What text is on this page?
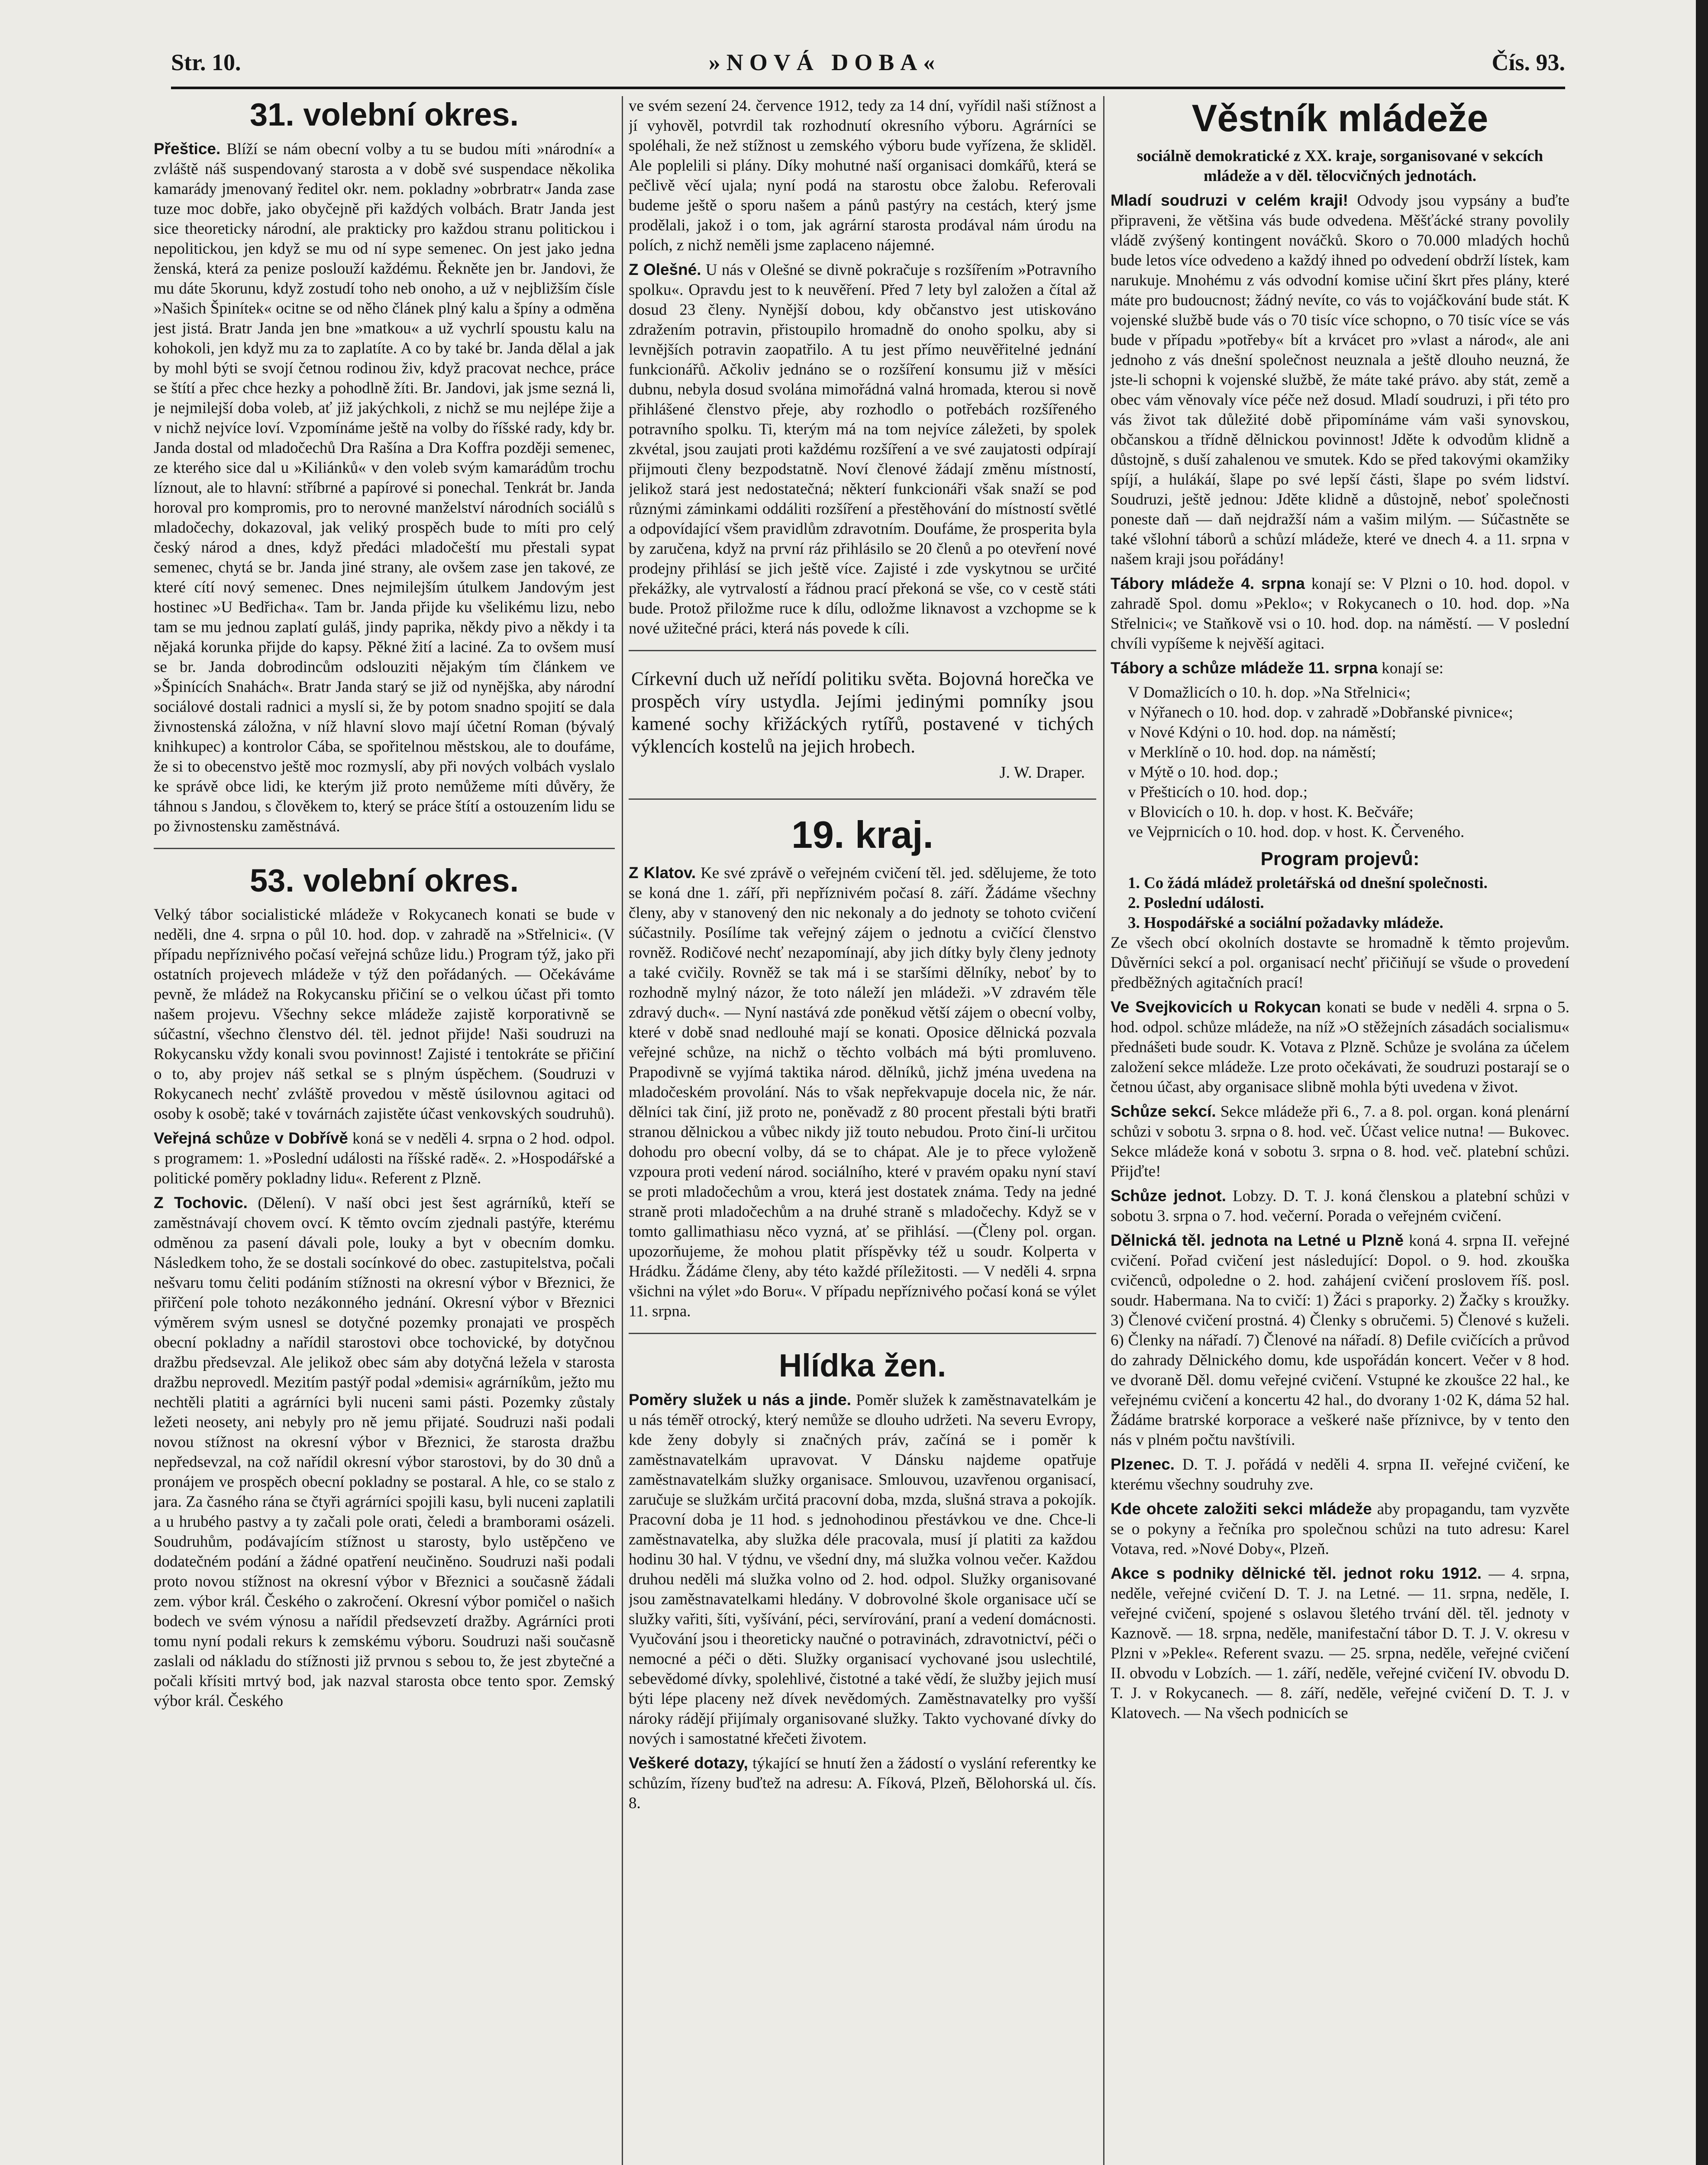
Str. 10.	»NOVÁ DOBA«	Čís. 93.
31. volební okres.

Přeštice. Blíží se nám obecní volby a tu se budou míti »národní« a zvláště náš suspendovaný starosta a v době své suspendace několika kamarády jmenovaný ředitel okr. nem. pokladny »obrbratr« Janda zase tuze moc dobře, jako obyčejně při každých volbách. Bratr Janda jest sice theoreticky národní, ale prakticky pro každou stranu politickou i nepolitickou, jen když se mu od ní sype semenec. On jest jako jedna ženská, která za penize poslouží každému. Řekněte jen br. Jandovi, že mu dáte 5korunu, když zostudí toho neb onoho, a už v nejbližším čísle »Našich Špinítek« ocitne se od něho článek plný kalu a špíny a odměna jest jistá. Bratr Janda jen bne »matkou« a už vychrlí spoustu kalu na kohokoli, jen když mu za to zaplatíte. A co by také br. Janda dělal a jak by mohl býti se svojí četnou rodinou živ, když pracovat nechce, práce se štítí a přec chce hezky a pohodlně žíti. Br. Jandovi, jak jsme sezná li, je nejmilejší doba voleb, ať již jakýchkoli, z nichž se mu nejlépe žije a v nichž nejvíce loví. Vzpomínáme ještě na volby do říšské rady, kdy br. Janda dostal od mladočechů Dra Rašína a Dra Koffra později semenec, ze kterého sice dal u »Kiliánků« v den voleb svým kamarádům trochu líznout, ale to hlavní: stříbrné a papírové si ponechal. Tenkrát br. Janda horoval pro kompromis, pro to nerovné manželství národních sociálů s mladočechy, dokazoval, jak veliký prospěch bude to míti pro celý český národ a dnes, když předáci mladočeští mu přestali sypat semenec, chytá se br. Janda jiné strany, ale ovšem zase jen takové, ze které cítí nový semenec. Dnes nejmilejším útulkem Jandovým jest hostinec »U Bedřicha«. Tam br. Janda přijde ku všelikému lizu, nebo tam se mu jednou zaplatí guláš, jindy paprika, někdy pivo a někdy i ta nějaká korunka přijde do kapsy. Pěkné žití a laciné. Za to ovšem musí se br. Janda dobrodincům odslouziti nějakým tím článkem ve »Špinících Snahách«. Bratr Janda starý se již od nynějška, aby národní sociálové dostali radnici a myslí si, že by potom snadno spojití se dala živnostenská záložna, v níž hlavní slovo mají účetní Roman (bývalý knihkupec) a kontrolor Cába, se spořitelnou městskou, ale to doufáme, že si to obecenstvo ještě moc rozmyslí, aby při nových volbách vyslalo ke správě obce lidi, ke kterým již proto nemůžeme míti důvěry, že táhnou s Jandou, s člověkem to, který se práce štítí a ostouzením lidu se po živnostensku zaměstnává.

53. volební okres.

Velký tábor socialistické mládeže v Rokycanech konati se bude v neděli, dne 4. srpna o půl 10. hod. dop. v zahradě na »Střelnici«. (V případu nepříznivého počasí veřejná schůze lidu.) Program týž, jako při ostatních projevech mládeže v týž den pořádaných. — Očekáváme pevně, že mládež na Rokycansku přičiní se o velkou účast při tomto našem projevu. Všechny sekce mládeže zajistě korporativně se súčastní, všechno členstvo dél. tël. jednot přijde! Naši soudruzi na Rokycansku vždy konali svou povinnost! Zajisté i tentokráte se přičiní o to, aby projev náš setkal se s plným úspěchem. (Soudruzi v Rokycanech nechť zvláště provedou v městě úsilovnou agitaci od osoby k osobě; také v továrnách zajistěte účast venkovských soudruhů).

Veřejná schůze v Dobřívě koná se v neděli 4. srpna o 2 hod. odpol. s programem: 1. »Poslední události na říšské radě«. 2. »Hospodářské a politické poměry pokladny lidu«. Referent z Plzně.

Z Tochovic. (Dělení). V naší obci jest šest agrárníků, kteří se zaměstnávají chovem ovcí. K těmto ovcím zjednali pastýře, kterému odměnou za pasení dávali pole, louky a byt v obecním domku. Následkem toho, že se dostali socínkové do obec. zastupitelstva, počali nešvaru tomu čeliti podáním stížnosti na okresní výbor v Březnici, že přiřčení pole tohoto nezákonného jednání. Okresní výbor v Březnici výměrem svým usnesl se dotyčné pozemky pronajati ve prospěch obecní pokladny a nařídil starostovi obce tochovické, by dotyčnou dražbu předsevzal. Ale jelikož obec sám aby dotyčná ležela v starosta dražbu neprovedl. Mezitím pastýř podal »demisi« agrárníkům, ježto mu nechtěli platiti a agrárníci byli nuceni sami pásti. Pozemky zůstaly ležeti neosety, ani nebyly pro ně jemu přijaté. Soudruzi naši podali novou stížnost na okresní výbor v Březnici, že starosta dražbu nepředsevzal, na což nařídil okresní výbor starostovi, by do 30 dnů a pronájem ve prospěch obecní pokladny se postaral. A hle, co se stalo z jara. Za časného rána se čtyři agrárníci spojili kasu, byli nuceni zaplatili a u hrubého pastvy a ty začali pole orati, čeledi a bramborami osázeli. Soudruhům, podávajícím stížnost u starosty, bylo ustěpčeno ve dodatečném podání a žádné opatření neučiněno. Soudruzi naši podali proto novou stížnost na okresní výbor v Březnici a současně žádali zem. výbor král. Českého o zakročení. Okresní výbor pomičel o našich bodech ve svém výnosu a nařídil předsevzetí dražby. Agrárníci proti tomu nyní podali rekurs k zemskému výboru. Soudruzi naši současně zaslali od nákladu do stížnosti již prvnou s sebou to, že jest zbytečné a počali křísiti mrtvý bod, jak nazval starosta obce tento spor. Zemský výbor král. Českého

ve svém sezení 24. července 1912, tedy za 14 dní, vyřídil naši stížnost a jí vyhověl, potvrdil tak rozhodnutí okresního výboru. Agrárníci se spoléhali, že než stížnost u zemského výboru bude vyřízena, že skliděl. Ale poplelili si plány. Díky mohutné naší organisaci domkářů, která se pečlivě věcí ujala; nyní podá na starostu obce žalobu. Referovali budeme ještě o sporu našem a pánů pastýry na cestách, který jsme prodělali, jakož i o tom, jak agrární starosta prodával nám úrodu na polích, z nichž neměli jsme zaplaceno nájemné.

Z Olešné. U nás v Olešné se divně pokračuje s rozšířením »Potravního spolku«. Opravdu jest to k neuvěření. Před 7 lety byl založen a čítal až dosud 23 členy. Nynější dobou, kdy občanstvo jest utiskováno zdražením potravin, přistoupilo hromadně do onoho spolku, aby si levnějších potravin zaopatřilo. A tu jest přímo neuvěřitelné jednání funkcionářů. Ačkoliv jednáno se o rozšíření konsumu již v měsíci dubnu, nebyla dosud svolána mimořádná valná hromada, kterou si nově přihlášené členstvo přeje, aby rozhodlo o potřebách rozšířeného potravního spolku. Ti, kterým má na tom nejvíce záležeti, by spolek zkvétal, jsou zaujati proti každému rozšíření a ve své zaujatosti odpírají přijmouti členy bezpodstatně. Noví členové žádají změnu místností, jelikož stará jest nedostatečná; některí funkcionáři však snaží se pod různými záminkami oddáliti rozšíření a přestěhování do místností světlé a odpovídající všem pravidlům zdravotním. Doufáme, že prosperita byla by zaručena, když na první ráz přihlásilo se 20 členů a po otevření nové prodejny přihlásí se jich ještě více. Zajisté i zde vyskytnou se určité překážky, ale vytrvalostí a řádnou prací překoná se vše, co v cestě státi bude. Protož přiložme ruce k dílu, odložme liknavost a vzchopme se k nové užitečné práci, která nás povede k cíli.

Církevní duch už neřídí politiku světa. Bojovná horečka ve prospěch víry ustydla. Jejími jedinými pomníky jsou kamené sochy křižáckých rytířů, postavené v tichých výklencích kostelů na jejich hrobech.
J. W. Draper.
19. kraj.

Z Klatov. Ke své zprávě o veřejném cvičení těl. jed. sdělujeme, že toto se koná dne 1. září, při nepříznivém počasí 8. září. Žádáme všechny členy, aby v stanovený den nic nekonaly a do jednoty se tohoto cvičení súčastnily. Posílíme tak veřejný zájem o jednotu a cvičící členstvo rovněž. Rodičové nechť nezapomínají, aby jich dítky byly členy jednoty a také cvičily. Rovněž se tak má i se staršími dělníky, neboť by to rozhodně mylný názor, že toto náleží jen mládeži. »V zdravém těle zdravý duch«. — Nyní nastává zde poněkud větší zájem o obecní volby, které v době snad nedlouhé mají se konati. Oposice dělnická pozvala veřejné schůze, na nichž o těchto volbách má býti promluveno. Prapodivně se vyjímá taktika národ. dělníků, jichž jména uvedena na mladočeském provolání. Nás to však nepřekvapuje docela nic, že nár. dělníci tak činí, již proto ne, poněvadž z 80 procent přestali býti bratři stranou dělnickou a vůbec nikdy již touto nebudou. Proto činí-li určitou dohodu pro obecní volby, dá se to chápat. Ale je to přece vyloženě vzpoura proti vedení národ. sociálního, které v pravém opaku nyní staví se proti mladočechům a vrou, která jest dostatek známa. Tedy na jedné straně proti mladočechům a na druhé straně s mladočechy. Když se v tomto gallimathiasu něco vyzná, ať se přihlásí. —(Členy pol. organ. upozorňujeme, že mohou platit příspěvky též u soudr. Kolperta v Hrádku. Žádáme členy, aby této každé příležitosti. — V neděli 4. srpna všichni na výlet »do Boru«. V případu nepříznivého počasí koná se výlet 11. srpna.

Hlídka žen.

Poměry služek u nás a jinde. Poměr služek k zaměstnavatelkám je u nás téměř otrocký, který nemůže se dlouho udržeti. Na severu Evropy, kde ženy dobyly si značných práv, začíná se i poměr k zaměstnavatelkám upravovat. V Dánsku najdeme opatřuje zaměstnavatelkám služky organisace. Smlouvou, uzavřenou organisací, zaručuje se služkám určitá pracovní doba, mzda, slušná strava a pokojík. Pracovní doba je 11 hod. s jednohodinou přestávkou ve dne. Chce-li zaměstnavatelka, aby služka déle pracovala, musí jí platiti za každou hodinu 30 hal. V týdnu, ve všední dny, má služka volnou večer. Každou druhou neděli má služka volno od 2. hod. odpol. Služky organisované jsou zaměstnavatelkami hledány. V dobrovolné škole organisace učí se služky vařiti, šíti, vyšívání, péci, servírování, praní a vedení domácnosti. Vyučování jsou i theoreticky naučné o potravinách, zdravotnictví, péči o nemocné a péči o děti. Služky organisací vychované jsou uslechtilé, sebevědomé dívky, spolehlivé, čistotné a také vědí, že služby jejich musí býti lépe placeny než dívek nevědomých. Zaměstnavatelky pro vyšší nároky rádějí přijímaly organisované služky. Takto vychované dívky do nových i samostatné křečeti životem.

Veškeré dotazy, týkající se hnutí žen a žádostí o vyslání referentky ke schůzím, řízeny buďtež na adresu: A. Fíková, Plzeň, Bělohorská ul. čís. 8.

Věstník mládeže

sociálně demokratické z XX. kraje, sorganisované v sekcích mládeže a v děl. tělocvičných jednotách.

Mladí soudruzi v celém kraji! Odvody jsou vypsány a buďte připraveni, že většina vás bude odvedena. Měšťácké strany povolily vládě zvýšený kontingent nováčků. Skoro o 70.000 mladých hochů bude letos více odvedeno a každý ihned po odvedení obdrží lístek, kam narukuje. Mnohému z vás odvodní komise učiní škrt přes plány, které máte pro budoucnost; žádný nevíte, co vás to vojáčkování bude stát. K vojenské službě bude vás o 70 tisíc více schopno, o 70 tisíc více se vás bude v případu »potřeby« bít a krvácet pro »vlast a národ«, ale ani jednoho z vás dnešní společnost neuznala a ještě dlouho neuzná, že jste-li schopni k vojenské službě, že máte také právo. aby stát, země a obec vám věnovaly více péče než dosud. Mladí soudruzi, i při této pro vás život tak důležité době připomínáme vám vaši synovskou, občanskou a třídně dělnickou povinnost! Jděte k odvodům klidně a důstojně, s duší zahalenou ve smutek. Kdo se před takovými okamžiky spíjí, a hulákáí, šlape po své lepší části, šlape po svém lidství. Soudruzi, ještě jednou: Jděte klidně a důstojně, neboť společnosti poneste daň — daň nejdražší nám a vašim milým. — Súčastněte se také všlohní táborů a schůzí mládeže, které ve dnech 4. a 11. srpna v našem kraji jsou pořádány!

Tábory mládeže 4. srpna konají se: V Plzni o 10. hod. dopol. v zahradě Spol. domu »Peklo«; v Rokycanech o 10. hod. dop. »Na Střelnici«; ve Staňkově vsi o 10. hod. dop. na náměstí. — V poslední chvíli vypíšeme k nejvěší agitaci.

Tábory a schůze mládeže 11. srpna konají se:

V Domažlicích o 10. h. dop. »Na Střelnici«;
v Nýřanech o 10. hod. dop. v zahradě »Dobřanské pivnice«;
v Nové Kdýni o 10. hod. dop. na náměstí;
v Merklíně o 10. hod. dop. na náměstí;
v Mýtě o 10. hod. dop.;
v Přešticích o 10. hod. dop.;
v Blovicích o 10. h. dop. v host. K. Bečváře;
ve Vejprnicích o 10. hod. dop. v host. K. Červeného.
Program projevů:
1. Co žádá mládež proletářská od dnešní společnosti.
2. Poslední události.
3. Hospodářské a sociální požadavky mládeže.

Ze všech obcí okolních dostavte se hromadně k těmto projevům. Důvěrníci sekcí a pol. organisací nechť přičiňují se všude o provedení předběžných agitačních prací!

Ve Svejkovicích u Rokycan konati se bude v neděli 4. srpna o 5. hod. odpol. schůze mládeže, na níž »O stěžejních zásadách socialismu« přednášeti bude soudr. K. Votava z Plzně. Schůze je svolána za účelem založení sekce mládeže. Lze proto očekávati, že soudruzi postarají se o četnou účast, aby organisace slibně mohla býti uvedena v život.

Schůze sekcí. Sekce mládeže při 6., 7. a 8. pol. organ. koná plenární schůzi v sobotu 3. srpna o 8. hod. več. Účast velice nutna! — Bukovec. Sekce mládeže koná v sobotu 3. srpna o 8. hod. več. platební schůzi. Přijďte!

Schůze jednot. Lobzy. D. T. J. koná členskou a platební schůzi v sobotu 3. srpna o 7. hod. večerní. Porada o veřejném cvičení.

Dělnická těl. jednota na Letné u Plzně koná 4. srpna II. veřejné cvičení. Pořad cvičení jest následující: Dopol. o 9. hod. zkouška cvičenců, odpoledne o 2. hod. zahájení cvičení proslovem říš. posl. soudr. Habermana. Na to cvičí: 1) Žáci s praporky. 2) Žačky s kroužky. 3) Členové cvičení prostná. 4) Členky s obručemi. 5) Členové s kuželi. 6) Členky na nářadí. 7) Členové na nářadí. 8) Defile cvičících a průvod do zahrady Dělnického domu, kde uspořádán koncert. Večer v 8 hod. ve dvoraně Děl. domu veřejné cvičení. Vstupné ke zkoušce 22 hal., ke veřejnému cvičení a koncertu 42 hal., do dvorany 1·02 K, dáma 52 hal. Žádáme bratrské korporace a veškeré naše příznivce, by v tento den nás v plném počtu navštívili.

Plzenec. D. T. J. pořádá v neděli 4. srpna II. veřejné cvičení, ke kterému všechny soudruhy zve.

Kde ohcete založiti sekci mládeže aby propagandu, tam vyzvěte se o pokyny a řečníka pro společnou schůzi na tuto adresu: Karel Votava, red. »Nové Doby«, Plzeň.

Akce s podniky dělnické těl. jednot roku 1912. — 4. srpna, neděle, veřejné cvičení D. T. J. na Letné. — 11. srpna, neděle, I. veřejné cvičení, spojené s oslavou šletého trvání děl. těl. jednoty v Kaznově. — 18. srpna, neděle, manifestační tábor D. T. J. V. okresu v Plzni v »Pekle«. Referent svazu. — 25. srpna, neděle, veřejné cvičení II. obvodu v Lobzích. — 1. září, neděle, veřejné cvičení IV. obvodu D. T. J. v Rokycanech. — 8. září, neděle, veřejné cvičení D. T. J. v Klatovech. — Na všech podnicích se
